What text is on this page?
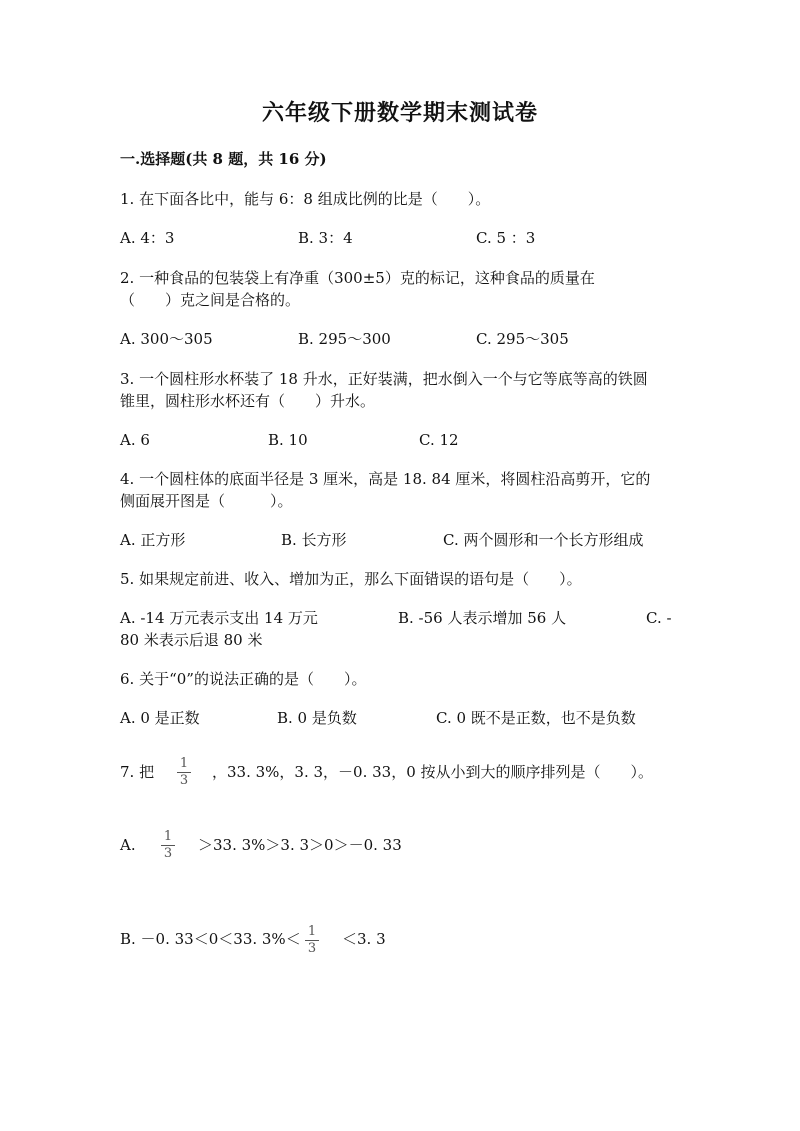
六年级下册数学期末测试卷
一.选择题(共 8 题，共 16 分)
1. 在下面各比中，能与 6：8 组成比例的比是（　　）。
A. 4：3	B. 3：4	C. 5 ：3
2. 一种食品的包装袋上有净重（300±5）克的标记，这种食品的质量在
（　　）克之间是合格的。
A. 300～305	B. 295～300	C. 295～305
3. 一个圆柱形水杯装了 18 升水，正好装满，把水倒入一个与它等底等高的铁圆
锥里，圆柱形水杯还有（　　）升水。
A. 6	B. 10	C. 12
4. 一个圆柱体的底面半径是 3 厘米，高是 18. 84 厘米，将圆柱沿高剪开，它的
侧面展开图是（　　　）。
A. 正方形	B. 长方形	C. 两个圆形和一个长方形组成
5. 如果规定前进、收入、增加为正，那么下面错误的语句是（　　）。
A. -14 万元表示支出 14 万元	B. -56 人表示增加 56 人	C. -
80 米表示后退 80 米
6. 关于“0”的说法正确的是（　　）。
A. 0 是正数	B. 0 是负数	C. 0 既不是正数，也不是负数
7. 把 1
3 ，33. 3%，3. 3，－0. 33，0 按从小到大的顺序排列是（　　）。
A. 1
3 ＞33. 3%＞3. 3＞0＞－0. 33
B. －0. 33＜0＜33. 3%＜ 1
3
＜3. 3
